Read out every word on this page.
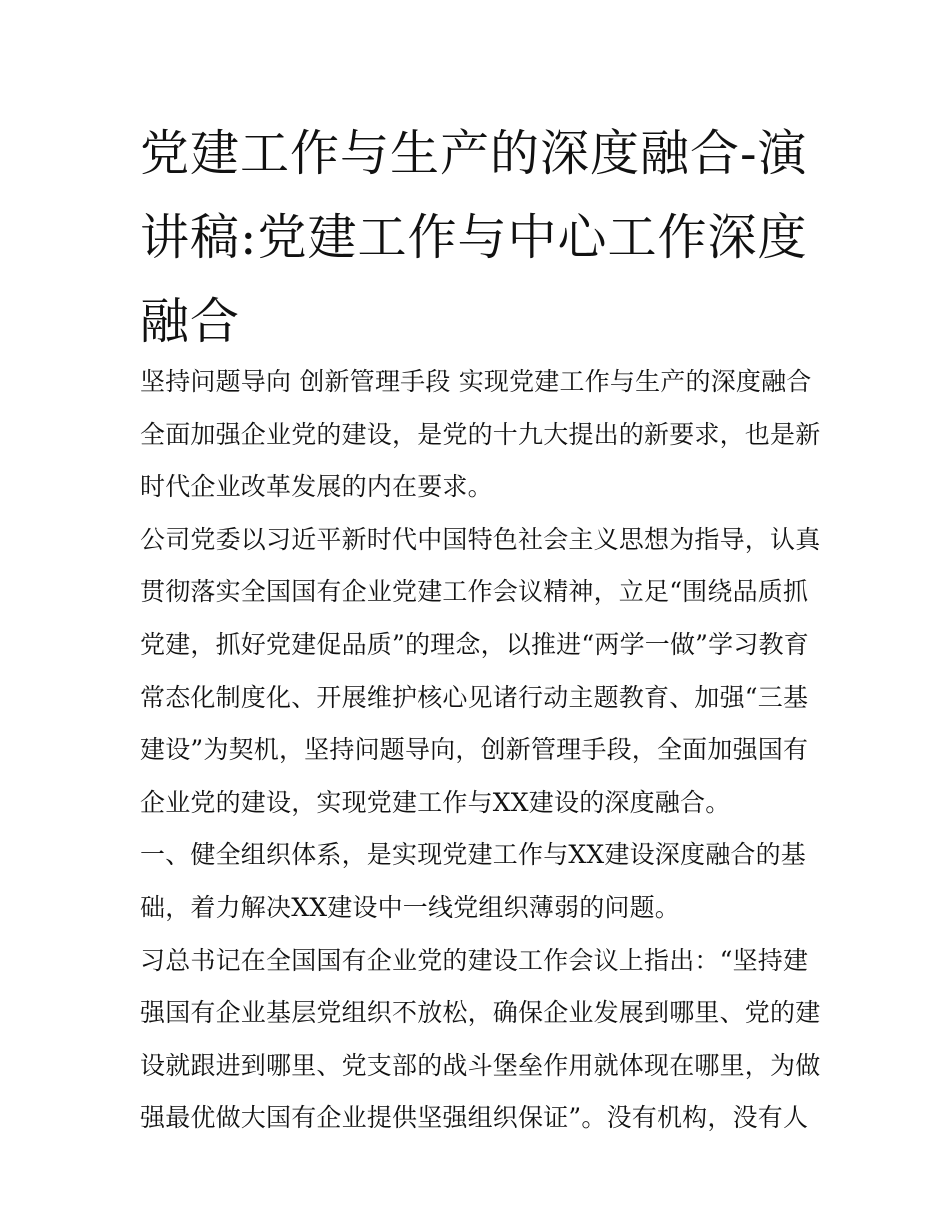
党建工作与生产的深度融合-演
讲稿:党建工作与中心工作深度
融合
坚持问题导向 创新管理手段 实现党建工作与生产的深度融合
全面加强企业党的建设，是党的十九大提出的新要求，也是新
时代企业改革发展的内在要求。
公司党委以习近平新时代中国特色社会主义思想为指导，认真
贯彻落实全国国有企业党建工作会议精神，立足“围绕品质抓
党建，抓好党建促品质”的理念，以推进“两学一做”学习教育
常态化制度化、开展维护核心见诸行动主题教育、加强“三基
建设”为契机，坚持问题导向，创新管理手段，全面加强国有
企业党的建设，实现党建工作与XX建设的深度融合。
一、健全组织体系，是实现党建工作与XX建设深度融合的基
础，着力解决XX建设中一线党组织薄弱的问题。
习总书记在全国国有企业党的建设工作会议上指出：“坚持建
强国有企业基层党组织不放松，确保企业发展到哪里、党的建
设就跟进到哪里、党支部的战斗堡垒作用就体现在哪里，为做
强最优做大国有企业提供坚强组织保证”。没有机构，没有人
